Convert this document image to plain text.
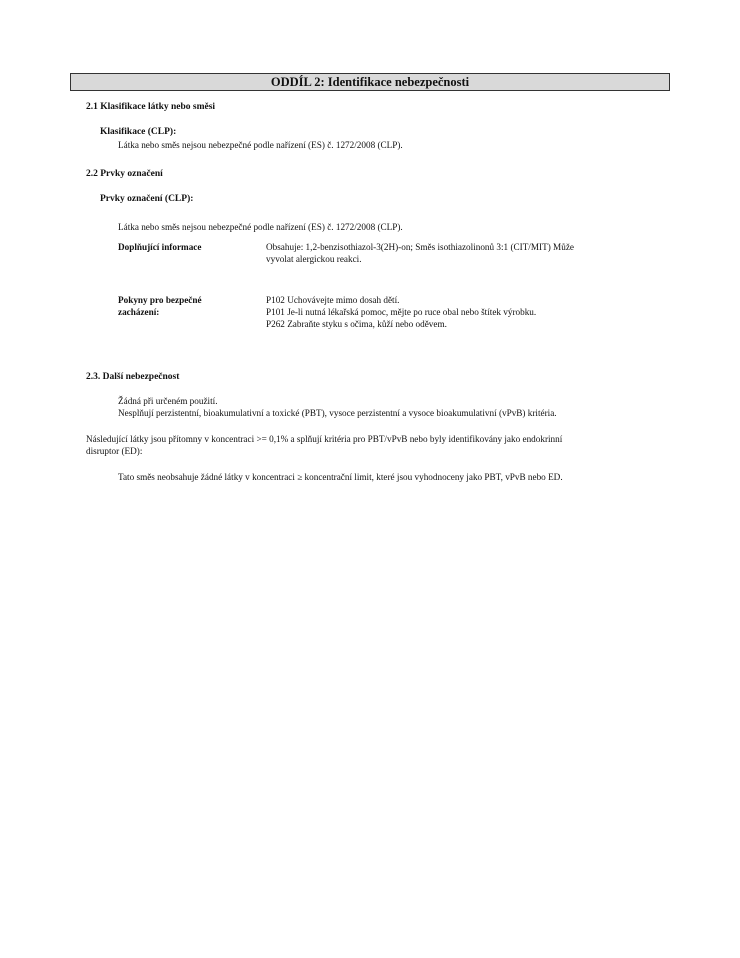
ODDÍL 2: Identifikace nebezpečnosti
2.1 Klasifikace látky nebo směsi
Klasifikace (CLP):
Látka nebo směs nejsou nebezpečné podle nařízení (ES) č. 1272/2008 (CLP).
2.2 Prvky označení
Prvky označení (CLP):
Látka nebo směs nejsou nebezpečné podle nařízení (ES) č. 1272/2008 (CLP).
Doplňující informace	Obsahuje: 1,2-benzisothiazol-3(2H)-on; Směs isothiazolinonů 3:1 (CIT/MIT) Může
vyvolat alergickou reakci.
Pokyny pro bezpečné
zacházení:
P102 Uchovávejte mimo dosah dětí.
P101 Je-li nutná lékařská pomoc, mějte po ruce obal nebo štítek výrobku.
P262 Zabraňte styku s očima, kůží nebo oděvem.
2.3. Další nebezpečnost
Žádná při určeném použití.
Nesplňují perzistentní, bioakumulativní a toxické (PBT), vysoce perzistentní a vysoce bioakumulativní (vPvB) kritéria.
Následující látky jsou přítomny v koncentraci >= 0,1% a splňují kritéria pro PBT/vPvB nebo byly identifikovány jako endokrinní
disruptor (ED):
Tato směs neobsahuje žádné látky v koncentraci ≥ koncentrační limit, které jsou vyhodnoceny jako PBT, vPvB nebo ED.
